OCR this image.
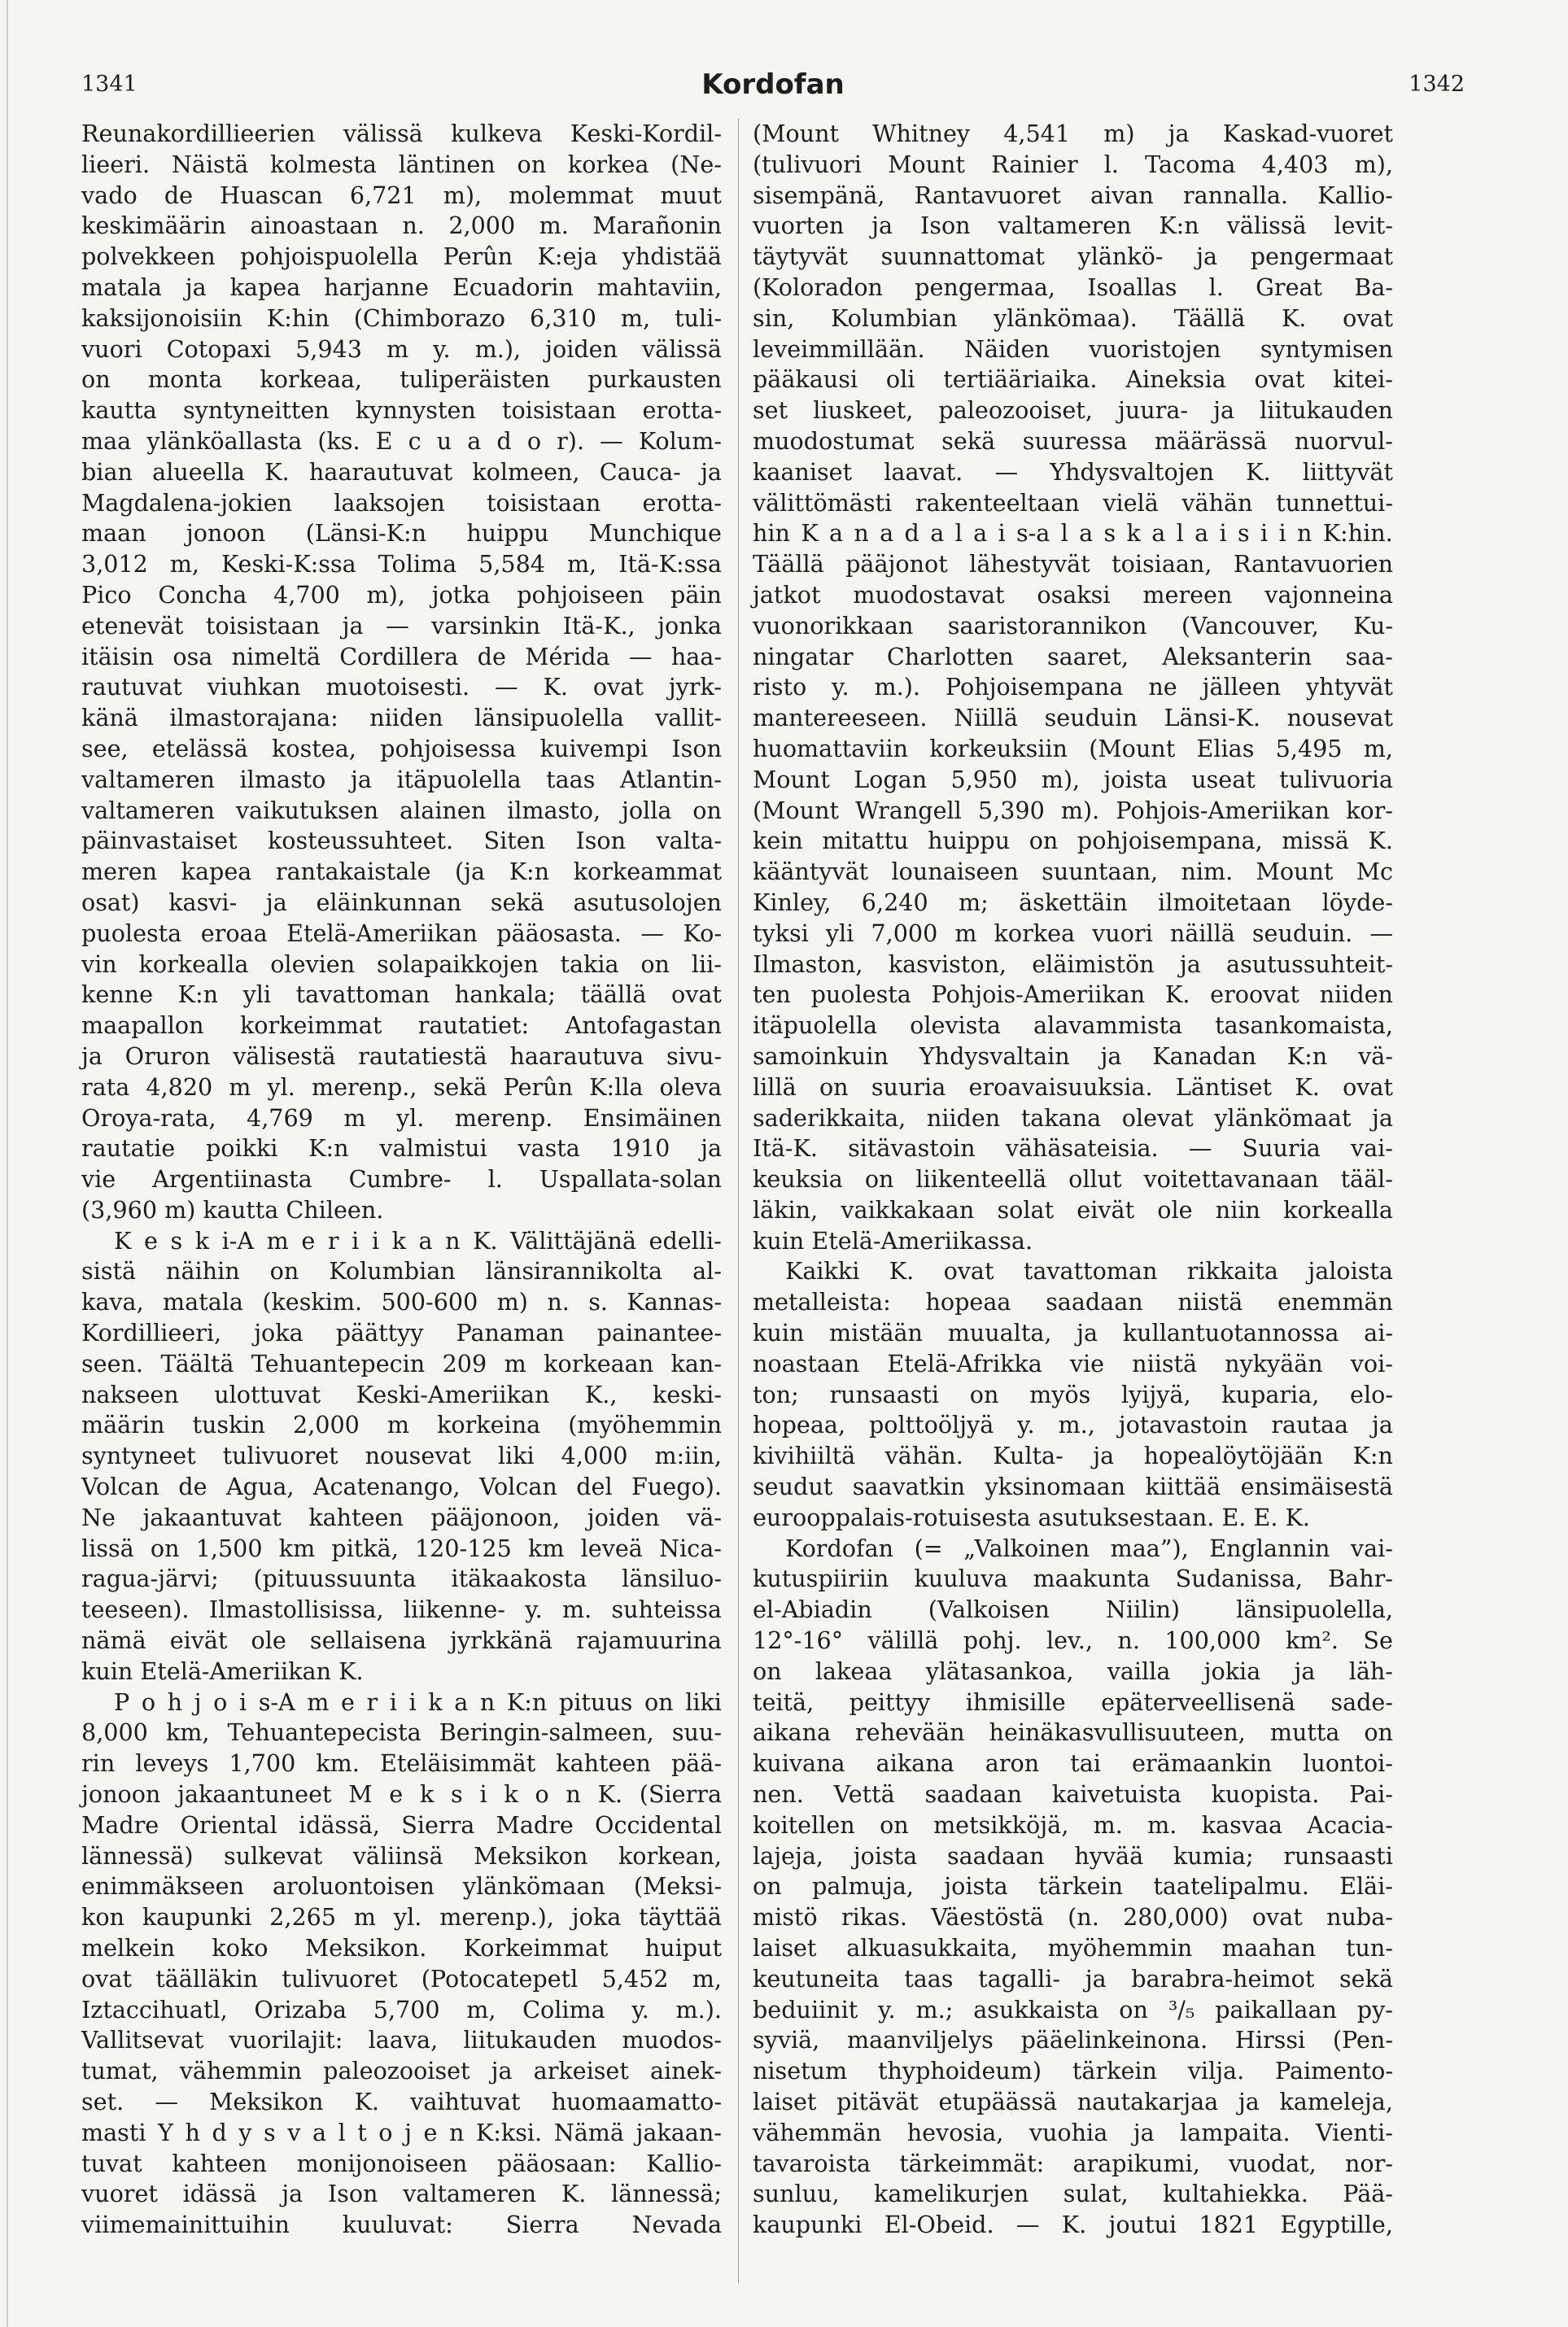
1341	Kordofan	1342
Reunakordillieerien välissä kulkeva Keski-Kordil-
lieeri. Näistä kolmesta läntinen on korkea (Ne-
vado de Huascan 6,721 m), molemmat muut
keskimäärin ainoastaan n. 2,000 m. Marañonin
polvekkeen pohjoispuolella Perûn K:eja yhdistää
matala ja kapea harjanne Ecuadorin mahtaviin,
kaksijonoisiin K:hin (Chimborazo 6,310 m, tuli-
vuori Cotopaxi 5,943 m y. m.), joiden välissä
on monta korkeaa, tuliperäisten purkausten
kautta syntyneitten kynnysten toisistaan erotta-
maa ylänköallasta (ks. E c u a d o r). — Kolum-
bian alueella K. haarautuvat kolmeen, Cauca- ja
Magdalena-jokien laaksojen toisistaan erotta-
maan jonoon (Länsi-K:n huippu Munchique
3,012 m, Keski-K:ssa Tolima 5,584 m, Itä-K:ssa
Pico Concha 4,700 m), jotka pohjoiseen päin
etenevät toisistaan ja — varsinkin Itä-K., jonka
itäisin osa nimeltä Cordillera de Mérida — haa-
rautuvat viuhkan muotoisesti. — K. ovat jyrk-
känä ilmastorajana: niiden länsipuolella vallit-
see, etelässä kostea, pohjoisessa kuivempi Ison
valtameren ilmasto ja itäpuolella taas Atlantin-
valtameren vaikutuksen alainen ilmasto, jolla on
päinvastaiset kosteussuhteet. Siten Ison valta-
meren kapea rantakaistale (ja K:n korkeammat
osat) kasvi- ja eläinkunnan sekä asutusolojen
puolesta eroaa Etelä-Ameriikan pääosasta. — Ko-
vin korkealla olevien solapaikkojen takia on lii-
kenne K:n yli tavattoman hankala; täällä ovat
maapallon korkeimmat rautatiet: Antofagastan
ja Oruron välisestä rautatiestä haarautuva sivu-
rata 4,820 m yl. merenp., sekä Perûn K:lla oleva
Oroya-rata, 4,769 m yl. merenp. Ensimäinen
rautatie poikki K:n valmistui vasta 1910 ja
vie Argentiinasta Cumbre- l. Uspallata-solan
(3,960 m) kautta Chileen.
K e s k i-A m e r i i k a n K. Välittäjänä edelli-
sistä näihin on Kolumbian länsirannikolta al-
kava, matala (keskim. 500-600 m) n. s. Kannas-
Kordillieeri, joka päättyy Panaman painantee-
seen. Täältä Tehuantepecin 209 m korkeaan kan-
nakseen ulottuvat Keski-Ameriikan K., keski-
määrin tuskin 2,000 m korkeina (myöhemmin
syntyneet tulivuoret nousevat liki 4,000 m:iin,
Volcan de Agua, Acatenango, Volcan del Fuego).
Ne jakaantuvat kahteen pääjonoon, joiden vä-
lissä on 1,500 km pitkä, 120-125 km leveä Nica-
ragua-järvi; (pituussuunta itäkaakosta länsiluo-
teeseen). Ilmastollisissa, liikenne- y. m. suhteissa
nämä eivät ole sellaisena jyrkkänä rajamuurina
kuin Etelä-Ameriikan K.
P o h j o i s-A m e r i i k a n K:n pituus on liki
8,000 km, Tehuantepecista Beringin-salmeen, suu-
rin leveys 1,700 km. Eteläisimmät kahteen pää-
jonoon jakaantuneet M e k s i k o n K. (Sierra
Madre Oriental idässä, Sierra Madre Occidental
lännessä) sulkevat väliinsä Meksikon korkean,
enimmäkseen aroluontoisen ylänkömaan (Meksi-
kon kaupunki 2,265 m yl. merenp.), joka täyttää
melkein koko Meksikon. Korkeimmat huiput
ovat täälläkin tulivuoret (Potocatepetl 5,452 m,
Iztaccihuatl, Orizaba 5,700 m, Colima y. m.).
Vallitsevat vuorilajit: laava, liitukauden muodos-
tumat, vähemmin paleozooiset ja arkeiset ainek-
set. — Meksikon K. vaihtuvat huomaamatto-
masti Y h d y s v a l t o j e n K:ksi. Nämä jakaan-
tuvat kahteen monijonoiseen pääosaan: Kallio-
vuoret idässä ja Ison valtameren K. lännessä;
viimemainittuihin kuuluvat: Sierra Nevada
(Mount Whitney 4,541 m) ja Kaskad-vuoret
(tulivuori Mount Rainier l. Tacoma 4,403 m),
sisempänä, Rantavuoret aivan rannalla. Kallio-
vuorten ja Ison valtameren K:n välissä levit-
täytyvät suunnattomat ylänkö- ja pengermaat
(Koloradon pengermaa, Isoallas l. Great Ba-
sin, Kolumbian ylänkömaa). Täällä K. ovat
leveimmillään. Näiden vuoristojen syntymisen
pääkausi oli tertiääriaika. Aineksia ovat kitei-
set liuskeet, paleozooiset, juura- ja liitukauden
muodostumat sekä suuressa määrässä nuorvul-
kaaniset laavat. — Yhdysvaltojen K. liittyvät
välittömästi rakenteeltaan vielä vähän tunnettui-
hin K a n a d a l a i s-a l a s k a l a i s i i n K:hin.
Täällä pääjonot lähestyvät toisiaan, Rantavuorien
jatkot muodostavat osaksi mereen vajonneina
vuonorikkaan saaristorannikon (Vancouver, Ku-
ningatar Charlotten saaret, Aleksanterin saa-
risto y. m.). Pohjoisempana ne jälleen yhtyvät
mantereeseen. Niillä seuduin Länsi-K. nousevat
huomattaviin korkeuksiin (Mount Elias 5,495 m,
Mount Logan 5,950 m), joista useat tulivuoria
(Mount Wrangell 5,390 m). Pohjois-Ameriikan kor-
kein mitattu huippu on pohjoisempana, missä K.
kääntyvät lounaiseen suuntaan, nim. Mount Mc
Kinley, 6,240 m; äskettäin ilmoitetaan löyde-
tyksi yli 7,000 m korkea vuori näillä seuduin. —
Ilmaston, kasviston, eläimistön ja asutussuhteit-
ten puolesta Pohjois-Ameriikan K. eroovat niiden
itäpuolella olevista alavammista tasankomaista,
samoinkuin Yhdysvaltain ja Kanadan K:n vä-
lillä on suuria eroavaisuuksia. Läntiset K. ovat
saderikkaita, niiden takana olevat ylänkömaat ja
Itä-K. sitävastoin vähäsateisia. — Suuria vai-
keuksia on liikenteellä ollut voitettavanaan tääl-
läkin, vaikkakaan solat eivät ole niin korkealla
kuin Etelä-Ameriikassa.
Kaikki K. ovat tavattoman rikkaita jaloista
metalleista: hopeaa saadaan niistä enemmän
kuin mistään muualta, ja kullantuotannossa ai-
noastaan Etelä-Afrikka vie niistä nykyään voi-
ton; runsaasti on myös lyijyä, kuparia, elo-
hopeaa, polttoöljyä y. m., jotavastoin rautaa ja
kivihiiltä vähän. Kulta- ja hopealöytöjään K:n
seudut saavatkin yksinomaan kiittää ensimäisestä
eurooppalais-rotuisesta asutuksestaan. E. E. K.
Kordofan (= „Valkoinen maa”), Englannin vai-
kutuspiiriin kuuluva maakunta Sudanissa, Bahr-
el-Abiadin (Valkoisen Niilin) länsipuolella,
12°-16° välillä pohj. lev., n. 100,000 km². Se
on lakeaa ylätasankoa, vailla jokia ja läh-
teitä, peittyy ihmisille epäterveellisenä sade-
aikana rehevään heinäkasvullisuuteen, mutta on
kuivana aikana aron tai erämaankin luontoi-
nen. Vettä saadaan kaivetuista kuopista. Pai-
koitellen on metsikköjä, m. m. kasvaa Acacia-
lajeja, joista saadaan hyvää kumia; runsaasti
on palmuja, joista tärkein taatelipalmu. Eläi-
mistö rikas. Väestöstä (n. 280,000) ovat nuba-
laiset alkuasukkaita, myöhemmin maahan tun-
keutuneita taas tagalli- ja barabra-heimot sekä
beduiinit y. m.; asukkaista on ³/₅ paikallaan py-
syviä, maanviljelys pääelinkeinona. Hirssi (Pen-
nisetum thyphoideum) tärkein vilja. Paimento-
laiset pitävät etupäässä nautakarjaa ja kameleja,
vähemmän hevosia, vuohia ja lampaita. Vienti-
tavaroista tärkeimmät: arapikumi, vuodat, nor-
sunluu, kamelikurjen sulat, kultahiekka. Pää-
kaupunki El-Obeid. — K. joutui 1821 Egyptille,
